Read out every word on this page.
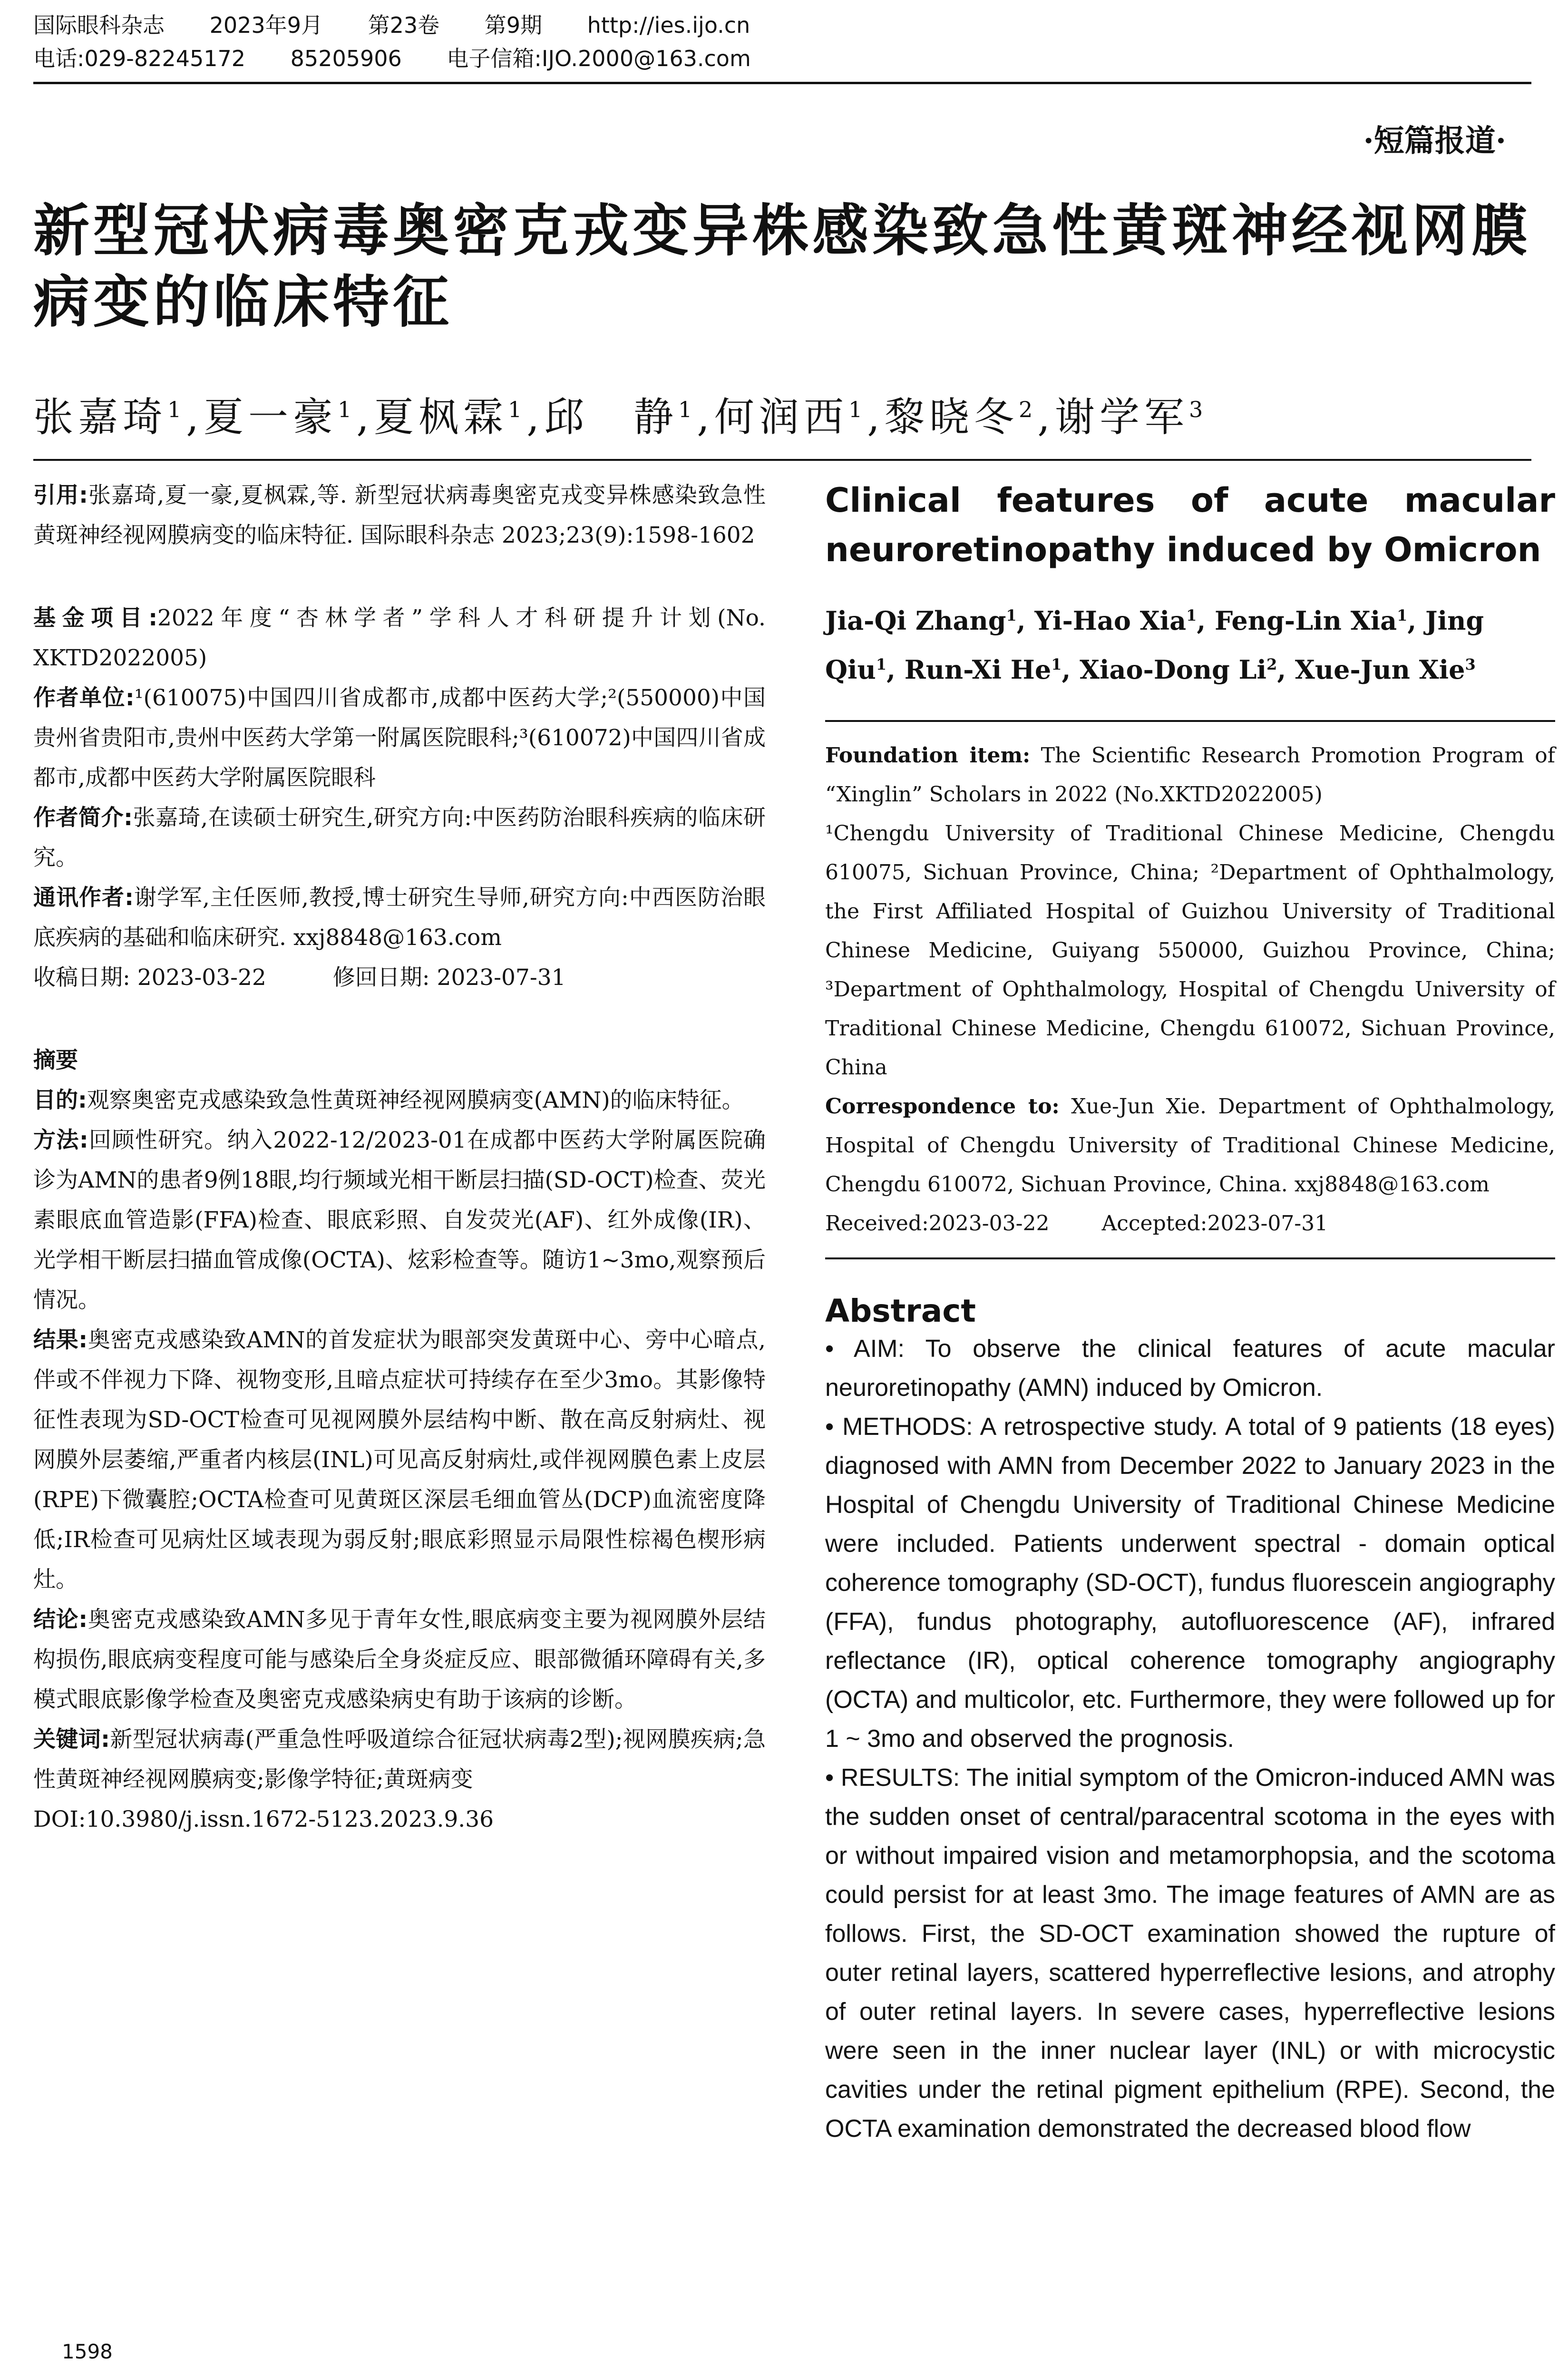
国际眼科杂志 2023年9月 第23卷 第9期 http://ies.ijo.cn
电话:029-82245172 85205906 电子信箱:IJO.2000@163.com
·短篇报道·
新型冠状病毒奥密克戎变异株感染致急性黄斑神经视网膜病变的临床特征
张嘉琦$^1$,夏一豪$^1$,夏枫霖$^1$,邱　静$^1$,何润西$^1$,黎晓冬$^2$,谢学军$^3$

引用:张嘉琦,夏一豪,夏枫霖,等. 新型冠状病毒奥密克戎变异株感染致急性黄斑神经视网膜病变的临床特征. 国际眼科杂志 2023;23(9):1598-1602

基金项目:2022年度“杏林学者”学科人才科研提升计划(No. XKTD2022005)

作者单位:¹(610075)中国四川省成都市,成都中医药大学;²(550000)中国贵州省贵阳市,贵州中医药大学第一附属医院眼科;³(610072)中国四川省成都市,成都中医药大学附属医院眼科

作者简介:张嘉琦,在读硕士研究生,研究方向:中医药防治眼科疾病的临床研究。

通讯作者:谢学军,主任医师,教授,博士研究生导师,研究方向:中西医防治眼底疾病的基础和临床研究. xxj8848@163.com

收稿日期: 2023-03-22	修回日期: 2023-07-31

摘要

目的:观察奥密克戎感染致急性黄斑神经视网膜病变(AMN)的临床特征。

方法:回顾性研究。纳入2022-12/2023-01在成都中医药大学附属医院确诊为AMN的患者9例18眼,均行频域光相干断层扫描(SD-OCT)检查、荧光素眼底血管造影(FFA)检查、眼底彩照、自发荧光(AF)、红外成像(IR)、光学相干断层扫描血管成像(OCTA)、炫彩检查等。随访1~3mo,观察预后情况。

结果:奥密克戎感染致AMN的首发症状为眼部突发黄斑中心、旁中心暗点,伴或不伴视力下降、视物变形,且暗点症状可持续存在至少3mo。其影像特征性表现为SD-OCT检查可见视网膜外层结构中断、散在高反射病灶、视网膜外层萎缩,严重者内核层(INL)可见高反射病灶,或伴视网膜色素上皮层(RPE)下微囊腔;OCTA检查可见黄斑区深层毛细血管丛(DCP)血流密度降低;IR检查可见病灶区域表现为弱反射;眼底彩照显示局限性棕褐色楔形病灶。

结论:奥密克戎感染致AMN多见于青年女性,眼底病变主要为视网膜外层结构损伤,眼底病变程度可能与感染后全身炎症反应、眼部微循环障碍有关,多模式眼底影像学检查及奥密克戎感染病史有助于该病的诊断。

关键词:新型冠状病毒(严重急性呼吸道综合征冠状病毒2型);视网膜疾病;急性黄斑神经视网膜病变;影像学特征;黄斑病变

DOI:10.3980/j.issn.1672-5123.2023.9.36

Clinical features of acute macular neuroretinopathy induced by Omicron
Jia-Qi Zhang$^1$, Yi-Hao Xia$^1$, Feng-Lin Xia$^1$, Jing Qiu$^1$, Run-Xi He$^1$, Xiao-Dong Li$^2$, Xue-Jun Xie$^3$

Foundation item: The Scientific Research Promotion Program of “Xinglin” Scholars in 2022 (No.XKTD2022005)

¹Chengdu University of Traditional Chinese Medicine, Chengdu 610075, Sichuan Province, China; ²Department of Ophthalmology, the First Affiliated Hospital of Guizhou University of Traditional Chinese Medicine, Guiyang 550000, Guizhou Province, China; ³Department of Ophthalmology, Hospital of Chengdu University of Traditional Chinese Medicine, Chengdu 610072, Sichuan Province, China

Correspondence to: Xue-Jun Xie. Department of Ophthalmology, Hospital of Chengdu University of Traditional Chinese Medicine, Chengdu 610072, Sichuan Province, China. xxj8848@163.com

Received:2023-03-22	Accepted:2023-07-31

Abstract

• AIM: To observe the clinical features of acute macular neuroretinopathy (AMN) induced by Omicron.

• METHODS: A retrospective study. A total of 9 patients (18 eyes) diagnosed with AMN from December 2022 to January 2023 in the Hospital of Chengdu University of Traditional Chinese Medicine were included. Patients underwent spectral - domain optical coherence tomography (SD-OCT), fundus fluorescein angiography (FFA), fundus photography, autofluorescence (AF), infrared reflectance (IR), optical coherence tomography angiography (OCTA) and multicolor, etc. Furthermore, they were followed up for 1 ~ 3mo and observed the prognosis.

• RESULTS: The initial symptom of the Omicron-induced AMN was the sudden onset of central/paracentral scotoma in the eyes with or without impaired vision and metamorphopsia, and the scotoma could persist for at least 3mo. The image features of AMN are as follows. First, the SD-OCT examination showed the rupture of outer retinal layers, scattered hyperreflective lesions, and atrophy of outer retinal layers. In severe cases, hyperreflective lesions were seen in the inner nuclear layer (INL) or with microcystic cavities under the retinal pigment epithelium (RPE). Second, the OCTA examination demonstrated the decreased blood flow

1598
